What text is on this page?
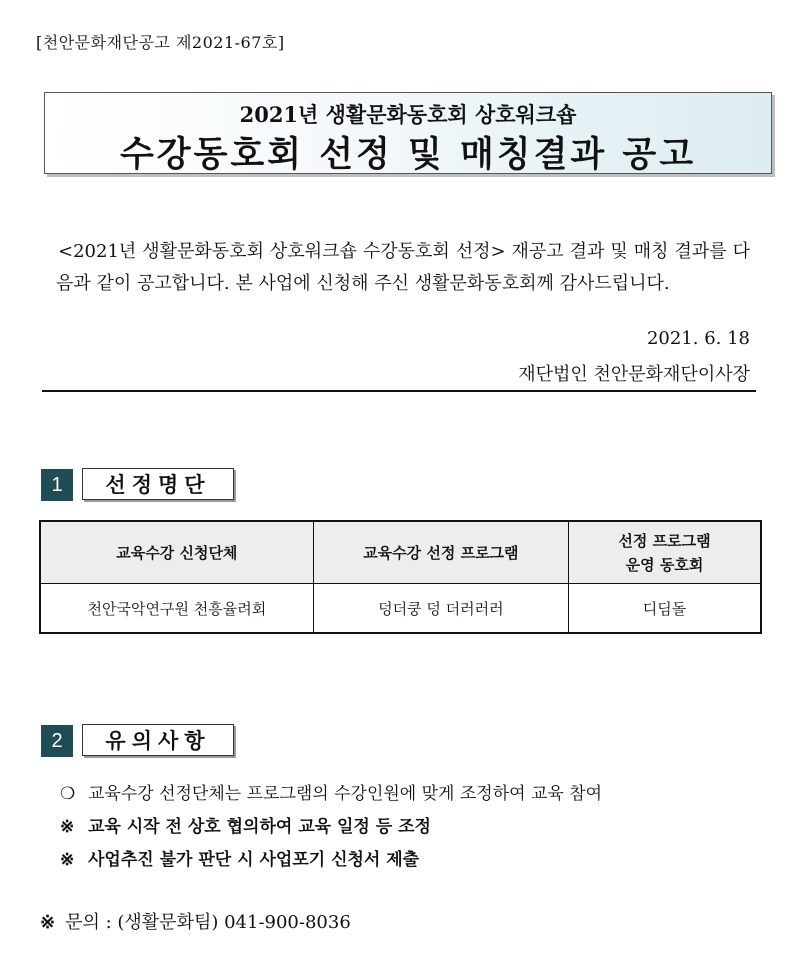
[천안문화재단공고 제2021-67호]
2021년 생활문화동호회 상호워크숍
수강동호회 선정 및 매칭결과 공고
<2021년 생활문화동호회 상호워크숍 수강동호회 선정> 재공고 결과 및 매칭 결과를 다음과 같이 공고합니다. 본 사업에 신청해 주신 생활문화동호회께 감사드립니다.
2021. 6. 18
재단법인 천안문화재단이사장
1	선정명단
교육수강 신청단체	교육수강 선정 프로그램	선정 프로그램
운영 동호회

천안국악연구원 천흥율려회	덩더쿵 덩 더러러러	디딤돌
2	유의사항
❍ 교육수강 선정단체는 프로그램의 수강인원에 맞게 조정하여 교육 참여
※ 교육 시작 전 상호 협의하여 교육 일정 등 조정
※ 사업추진 불가 판단 시 사업포기 신청서 제출
※ 문의 : (생활문화팀) 041-900-8036
